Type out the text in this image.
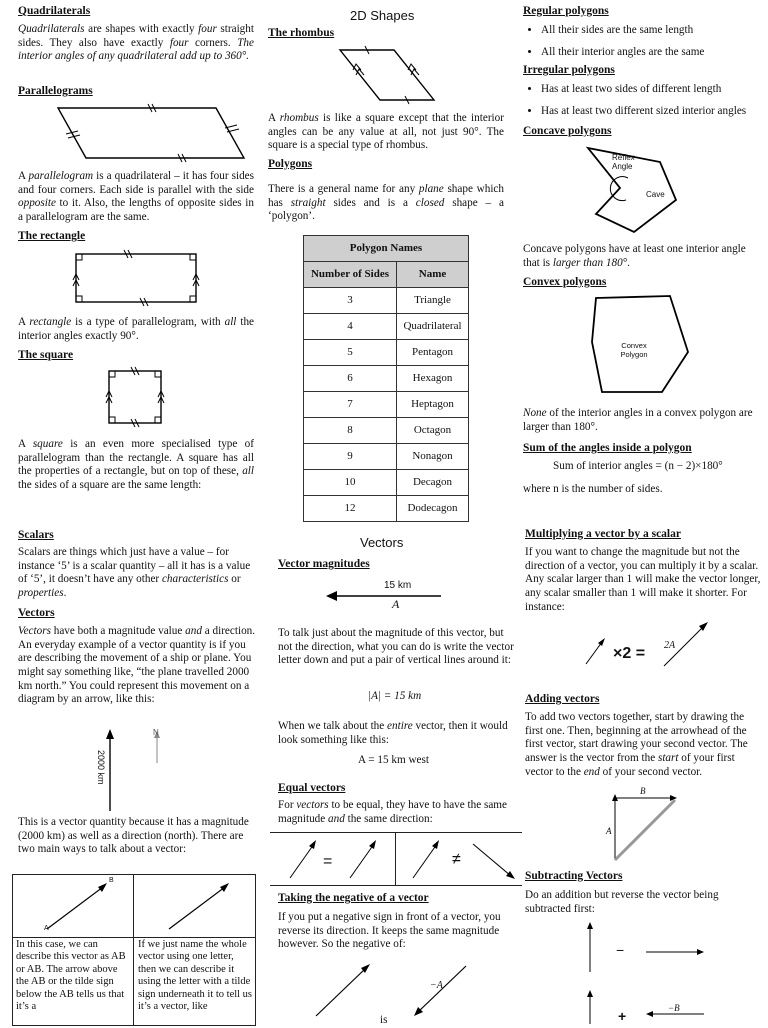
Quadrilaterals
Quadrilaterals are shapes with exactly four straight sides. They also have exactly four corners. The interior angles of any quadrilateral add up to 360°.
Parallelograms
A parallelogram is a quadrilateral – it has four sides and four corners. Each side is parallel with the side opposite to it. Also, the lengths of opposite sides in a parallelogram are the same.
The rectangle
A rectangle is a type of parallelogram, with all the interior angles exactly 90°.
The square
A square is an even more specialised type of parallelogram than the rectangle. A square has all the properties of a rectangle, but on top of these, all the sides of a square are the same length:
2D Shapes
The rhombus
A rhombus is like a square except that the interior angles can be any value at all, not just 90°. The square is a special type of rhombus.
Polygons
There is a general name for any plane shape which has straight sides and is a closed shape – a ‘polygon’.
Polygon Names	
Number of Sides	Name
3	Triangle
4	Quadrilateral
5	Pentagon
6	Hexagon
7	Heptagon
8	Octagon
9	Nonagon
10	Decagon
12	Dodecagon
Regular polygons
• All their sides are the same length
• All their interior angles are the same
Irregular polygons
• Has at least two sides of different length
• Has at least two different sized interior angles
Concave polygons
Reflex Angle
Cave
Concave polygons have at least one interior angle that is larger than 180°.
Convex polygons
Convex Polygon
None of the interior angles in a convex polygon are larger than 180°.
Sum of the angles inside a polygon
Sum of interior angles = (n − 2)×180°
where n is the number of sides.
Scalars
Scalars are things which just have a value – for instance ‘5’ is a scalar quantity – all it has is a value of ‘5’, it doesn’t have any other characteristics or properties.
Vectors
Vectors have both a magnitude value and a direction. An everyday example of a vector quantity is if you are describing the movement of a ship or plane. You might say something like, “the plane travelled 2000 km north.” You could represent this movement on a diagram by an arrow, like this:
2000 km
N
This is a vector quantity because it has a magnitude (2000 km) as well as a direction (north). There are two main ways to talk about a vector:
B
A
In this case, we can describe this vector as AB or AB. The arrow above the AB or the tilde sign below the AB tells us that it’s a
If we just name the whole vector using one letter, then we can describe it using the letter with a tilde sign underneath it to tell us it’s a vector, like
Vectors
Vector magnitudes
15 km
A
To talk just about the magnitude of this vector, but not the direction, what you can do is write the vector letter down and put a pair of vertical lines around it:
|A| = 15 km
When we talk about the entire vector, then it would look something like this:
A = 15 km west
Equal vectors
For vectors to be equal, they have to have the same magnitude and the same direction:
=	≠
Taking the negative of a vector
If you put a negative sign in front of a vector, you reverse its direction. It keeps the same magnitude however. So the negative of:
is
−A
Multiplying a vector by a scalar
If you want to change the magnitude but not the direction of a vector, you can multiply it by a scalar. Any scalar larger than 1 will make the vector longer, any scalar smaller than 1 will make it shorter. For instance:
×2 = 2A
Adding vectors
To add two vectors together, start by drawing the first one. Then, beginning at the arrowhead of the first vector, start drawing your second vector. The answer is the vector from the start of your first vector to the end of your second vector.
B
A
Subtracting Vectors
Do an addition but reverse the vector being subtracted first:
−
+	−B
